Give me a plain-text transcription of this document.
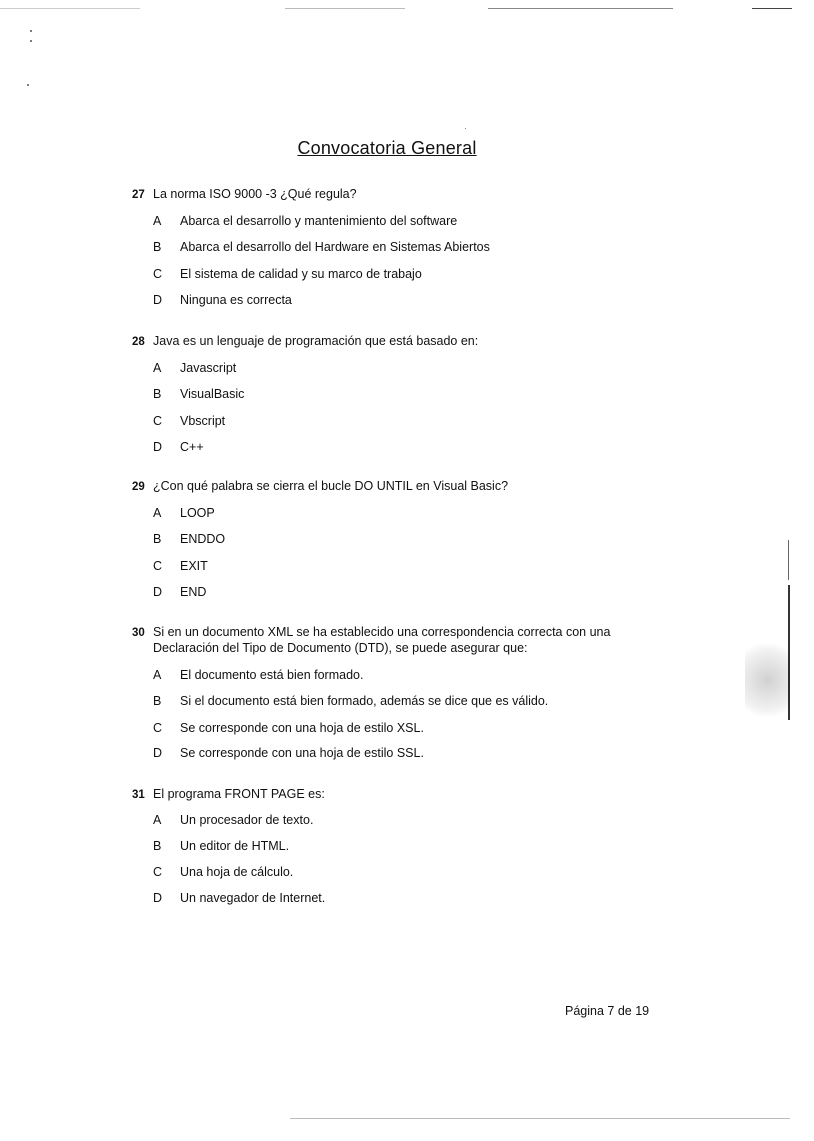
Convocatoria General
27 La norma ISO 9000 -3 ¿Qué regula?
A Abarca el desarrollo y mantenimiento del software
B Abarca el desarrollo del Hardware en Sistemas Abiertos
C El sistema de calidad y su marco de trabajo
D Ninguna es correcta
28 Java es un lenguaje de programación que está basado en:
A Javascript
B VisualBasic
C Vbscript
D C++
29 ¿Con qué palabra se cierra el bucle DO UNTIL en Visual Basic?
A LOOP
B ENDDO
C EXIT
D END
30 Si en un documento XML se ha establecido una correspondencia correcta con una
Declaración del Tipo de Documento (DTD), se puede asegurar que:
A El documento está bien formado.
B Si el documento está bien formado, además se dice que es válido.
C Se corresponde con una hoja de estilo XSL.
D Se corresponde con una hoja de estilo SSL.
31 El programa FRONT PAGE es:
A Un procesador de texto.
B Un editor de HTML.
C Una hoja de cálculo.
D Un navegador de Internet.
Página 7 de 19
